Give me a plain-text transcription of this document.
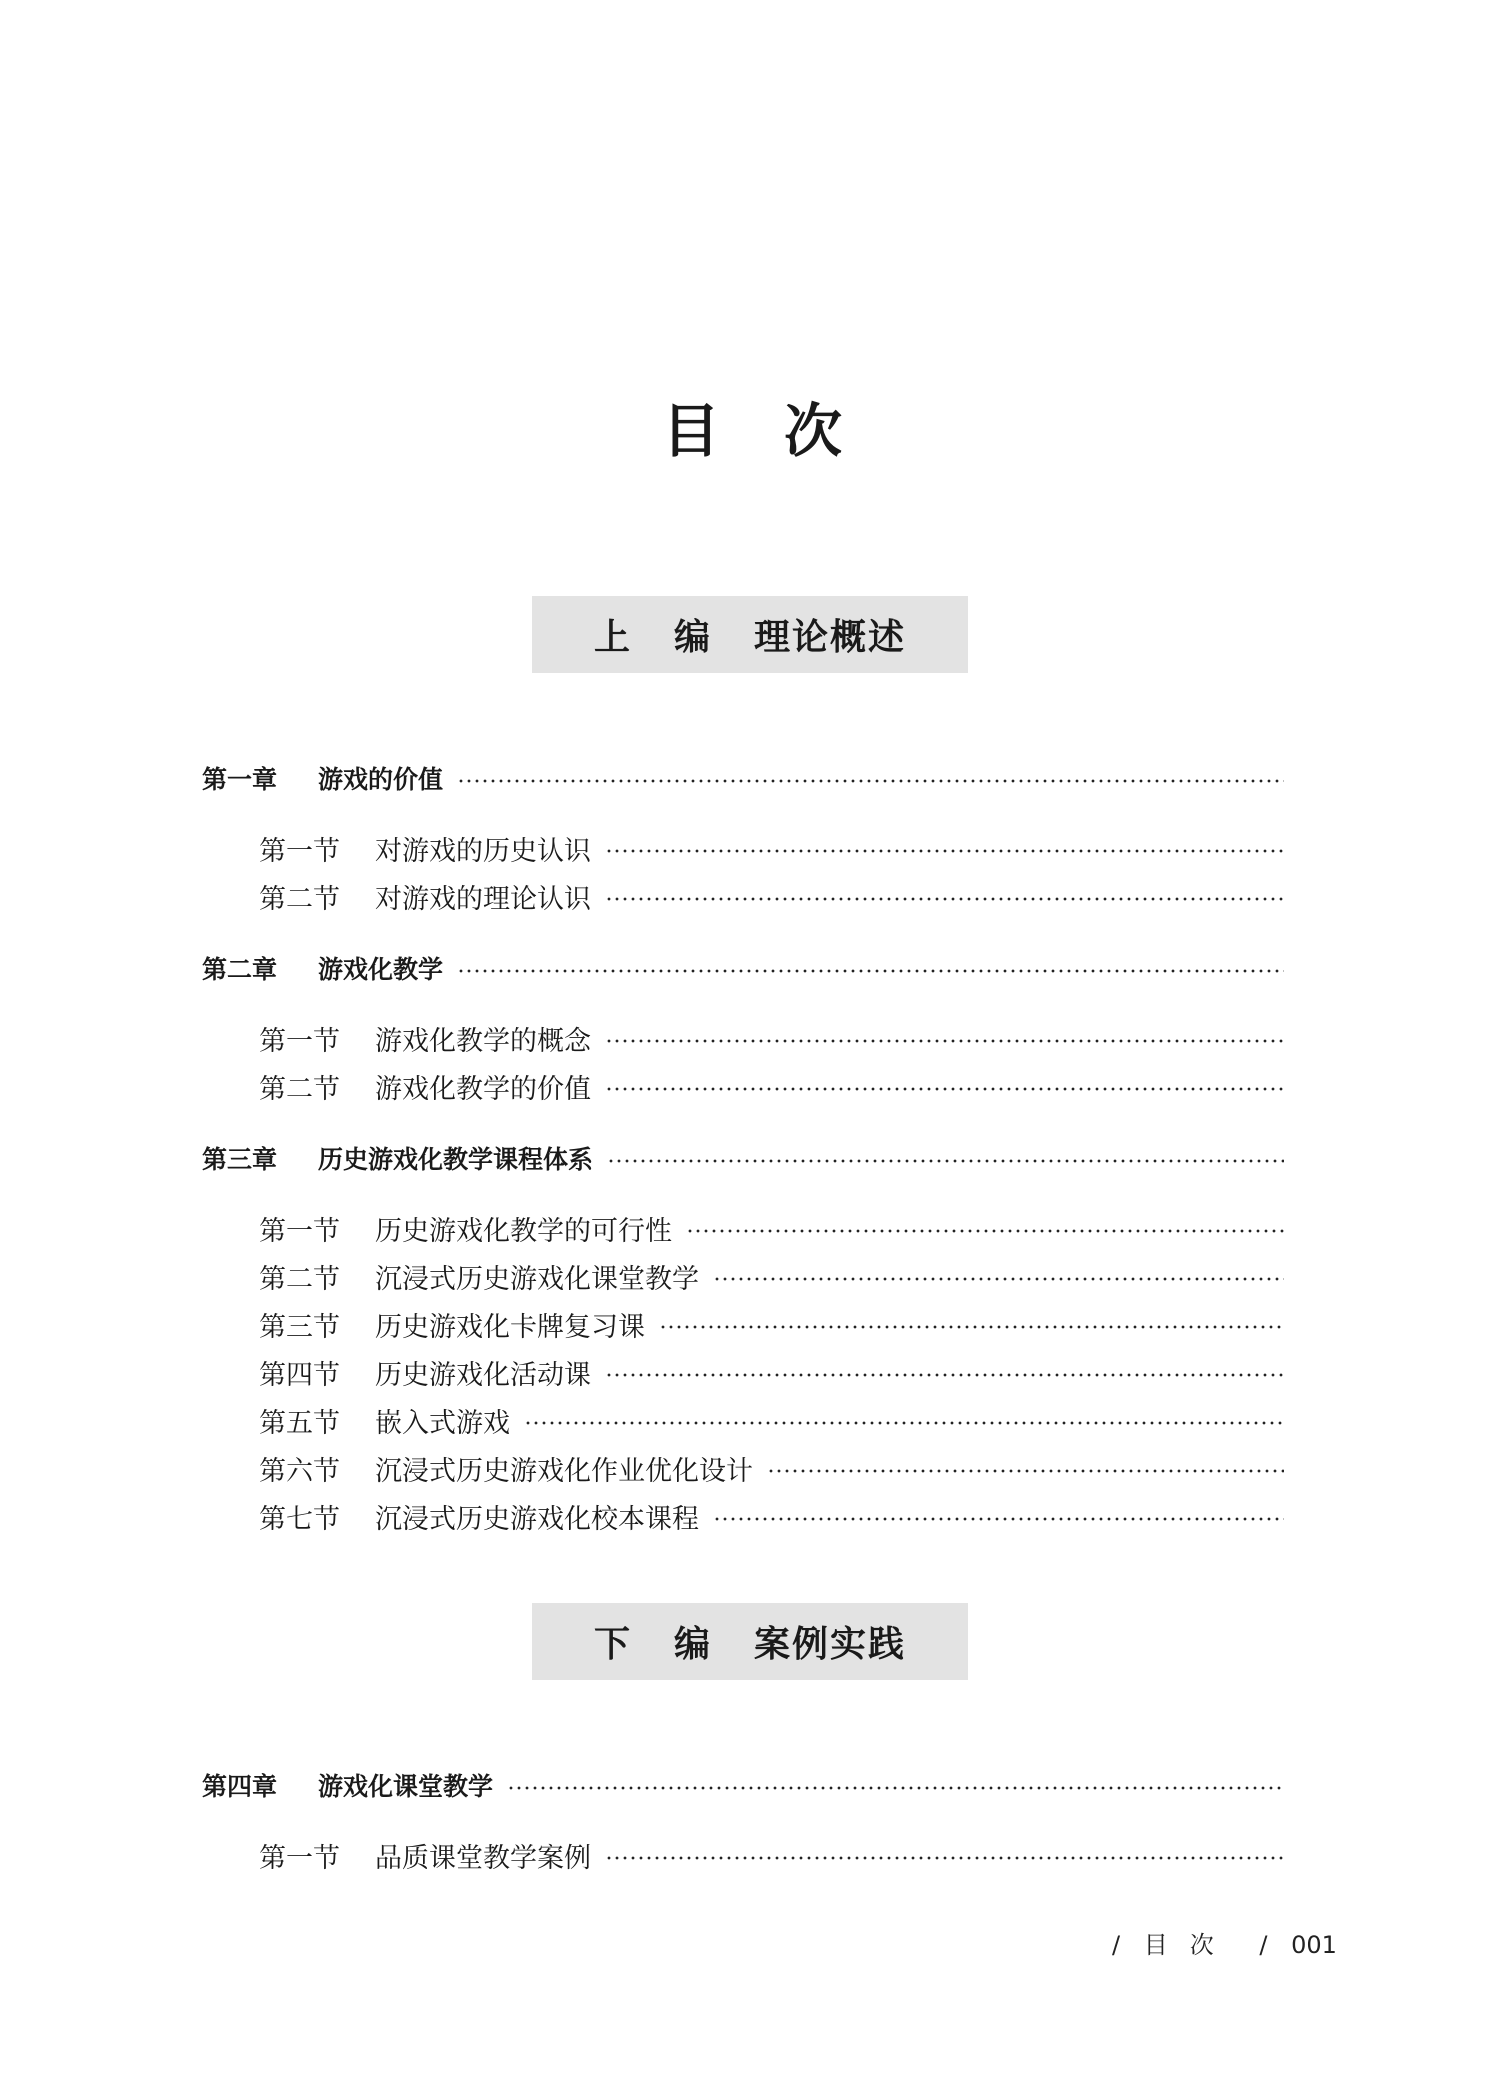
目次
上编 理论概述
第一章	游戏的价值
第一节	对游戏的历史认识
第二节	对游戏的理论认识
第二章	游戏化教学
第一节	游戏化教学的概念
第二节	游戏化教学的价值
第三章	历史游戏化教学课程体系
第一节	历史游戏化教学的可行性
第二节	沉浸式历史游戏化课堂教学
第三节	历史游戏化卡牌复习课
第四节	历史游戏化活动课
第五节	嵌入式游戏
第六节	沉浸式历史游戏化作业优化设计
第七节	沉浸式历史游戏化校本课程
下编 案例实践
第四章	游戏化课堂教学
第一节	品质课堂教学案例
/ 目次 / 001
